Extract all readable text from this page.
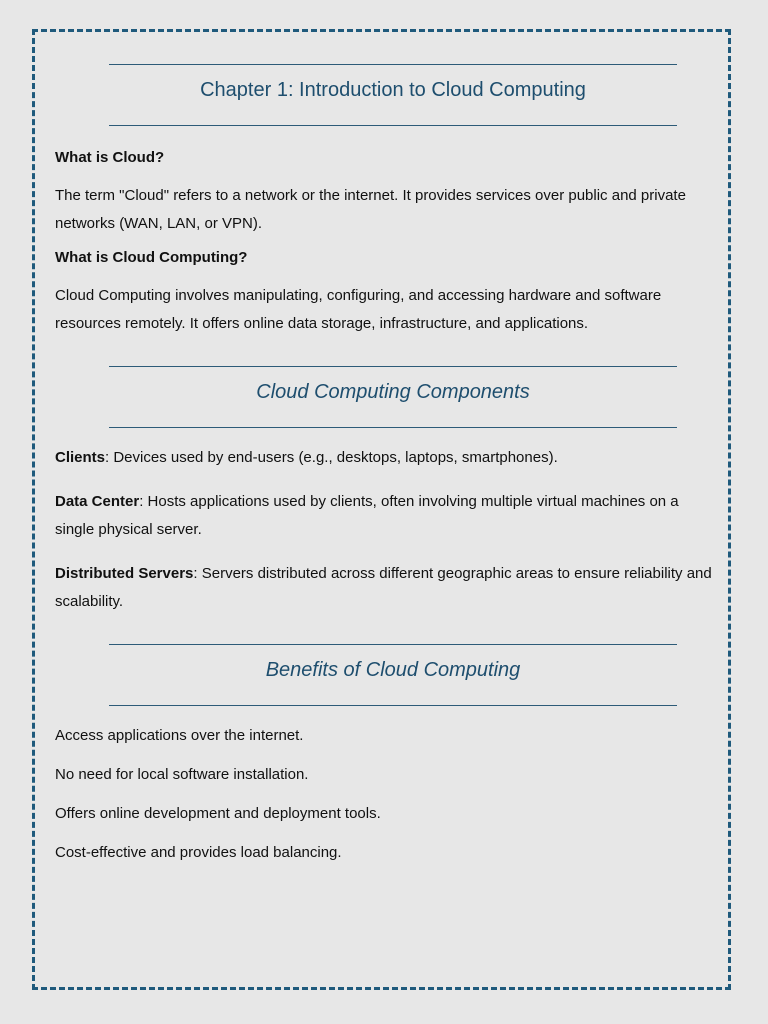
Chapter 1: Introduction to Cloud Computing
What is Cloud?

The term "Cloud" refers to a network or the internet. It provides services over public and private networks (WAN, LAN, or VPN).

What is Cloud Computing?

Cloud Computing involves manipulating, configuring, and accessing hardware and software resources remotely. It offers online data storage, infrastructure, and applications.

Cloud Computing Components

Clients: Devices used by end-users (e.g., desktops, laptops, smartphones).

Data Center: Hosts applications used by clients, often involving multiple virtual machines on a single physical server.

Distributed Servers: Servers distributed across different geographic areas to ensure reliability and scalability.

Benefits of Cloud Computing

Access applications over the internet.

No need for local software installation.

Offers online development and deployment tools.

Cost-effective and provides load balancing.
